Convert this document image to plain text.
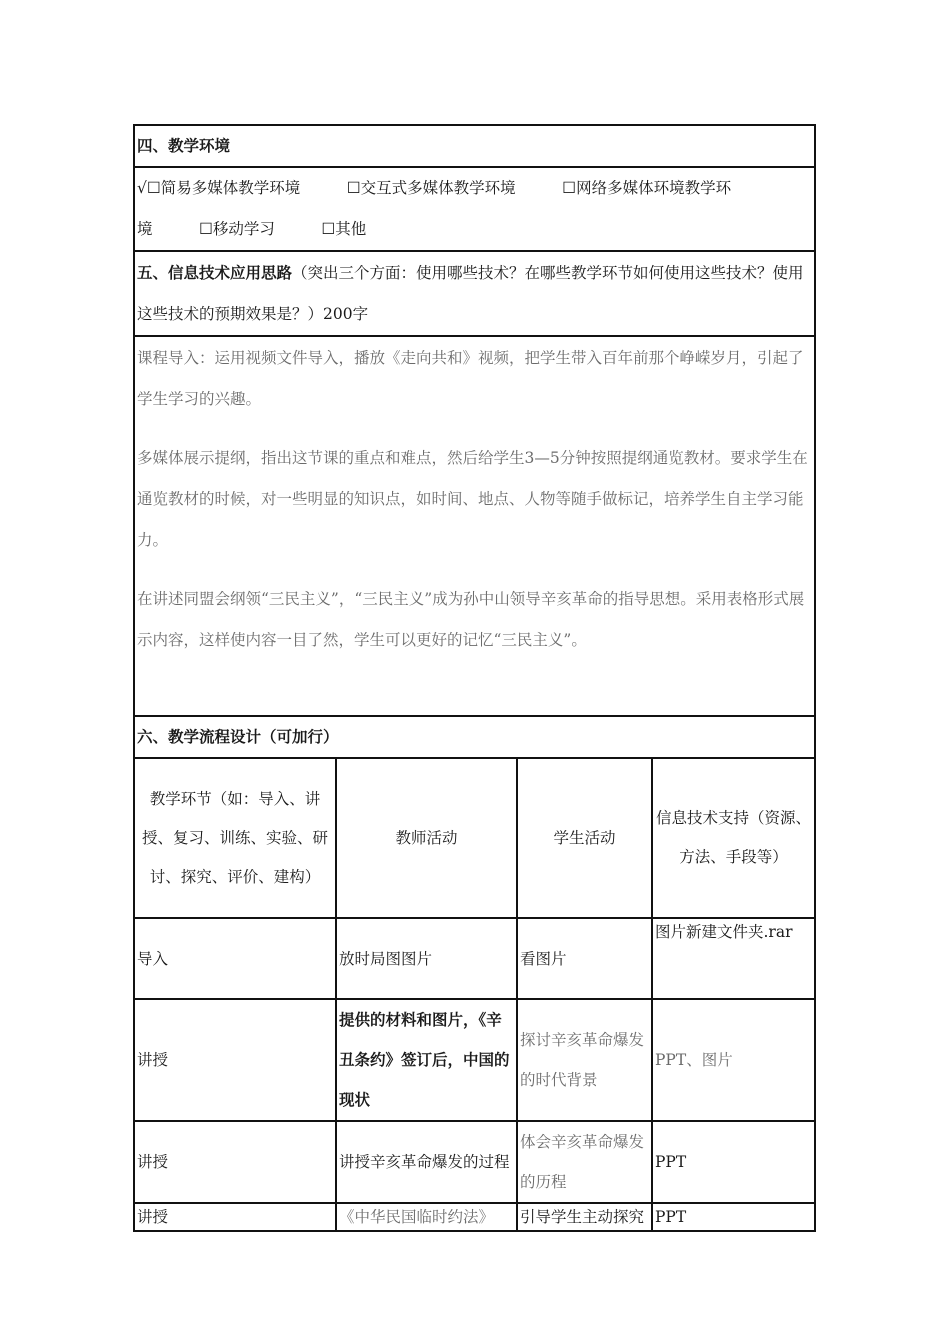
四、教学环境			

√☐简易多媒体教学环境　　　☐交互式多媒体教学环境　　　☐网络多媒体环境教学环
境　　　☐移动学习　　　☐其他			

五、信息技术应用思路（突出三个方面：使用哪些技术？在哪些教学环节如何使用这些技术？使用这些技术的预期效果是？）200字			

课程导入：运用视频文件导入，播放《走向共和》视频，把学生带入百年前那个峥嵘岁月，引起了学生学习的兴趣。
多媒体展示提纲，指出这节课的重点和难点，然后给学生3—5分钟按照提纲通览教材。要求学生在通览教材的时候，对一些明显的知识点，如时间、地点、人物等随手做标记，培养学生自主学习能力。
在讲述同盟会纲领“三民主义”，“三民主义”成为孙中山领导辛亥革命的指导思想。采用表格形式展示内容，这样使内容一目了然，学生可以更好的记忆“三民主义”。			

六、教学流程设计（可加行）			
教学环节（如：导入、讲授、复习、训练、实验、研讨、探究、评价、建构）	教师活动	学生活动	信息技术支持（资源、方法、手段等）
导入	放时局图图片	看图片	图片新建文件夹.rar
讲授	提供的材料和图片，《辛丑条约》签订后，中国的现状	探讨辛亥革命爆发的时代背景	PPT、图片
讲授	讲授辛亥革命爆发的过程	体会辛亥革命爆发的历程	PPT
讲授	《中华民国临时约法》	引导学生主动探究	PPT
